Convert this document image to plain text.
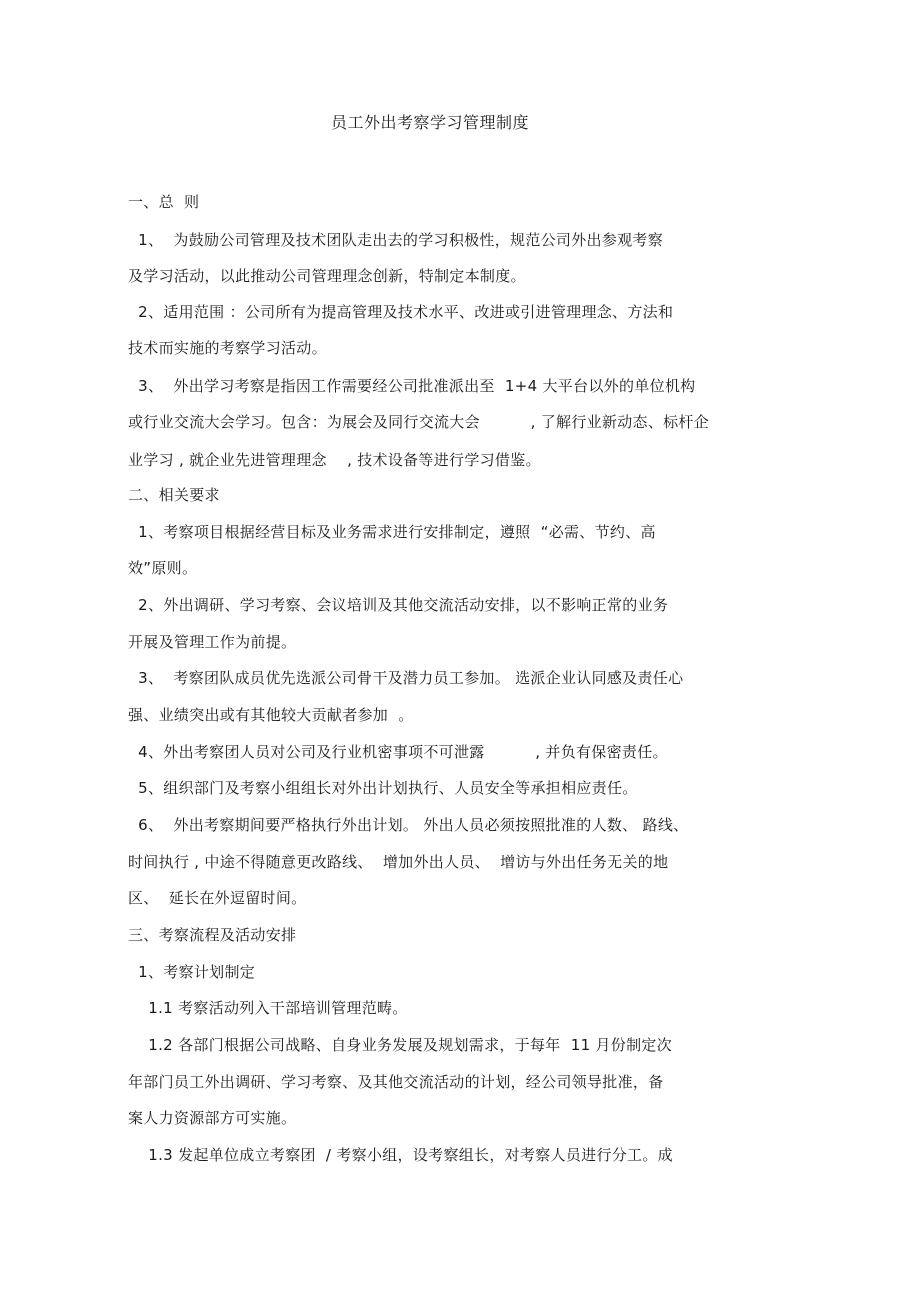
员工外出考察学习管理制度
一、总  则
1、  为鼓励公司管理及技术团队走出去的学习积极性，规范公司外出参观考察
及学习活动，以此推动公司管理理念创新，特制定本制度。
2、适用范围 ：公司所有为提高管理及技术水平、改进或引进管理理念、方法和
技术而实施的考察学习活动。
3、  外出学习考察是指因工作需要经公司批准派出至  1+4 大平台以外的单位机构
或行业交流大会学习。包含：为展会及同行交流大会          , 了解行业新动态、标杆企
业学习 , 就企业先进管理理念    , 技术设备等进行学习借鉴。
二、相关要求
1、考察项目根据经营目标及业务需求进行安排制定，遵照  “必需、节约、高
效”原则。
2、外出调研、学习考察、会议培训及其他交流活动安排，以不影响正常的业务
开展及管理工作为前提。
3、  考察团队成员优先选派公司骨干及潜力员工参加。 选派企业认同感及责任心
强、业绩突出或有其他较大贡献者参加  。
4、外出考察团人员对公司及行业机密事项不可泄露          , 并负有保密责任。
5、组织部门及考察小组组长对外出计划执行、人员安全等承担相应责任。
6、  外出考察期间要严格执行外出计划。 外出人员必须按照批准的人数、 路线、
时间执行 , 中途不得随意更改路线、  增加外出人员、  增访与外出任务无关的地
区、  延长在外逗留时间。
三、考察流程及活动安排
1、考察计划制定
1.1 考察活动列入干部培训管理范畴。
1.2 各部门根据公司战略、自身业务发展及规划需求，于每年  11 月份制定次
年部门员工外出调研、学习考察、及其他交流活动的计划，经公司领导批准，备
案人力资源部方可实施。
1.3 发起单位成立考察团  / 考察小组，设考察组长，对考察人员进行分工。成
